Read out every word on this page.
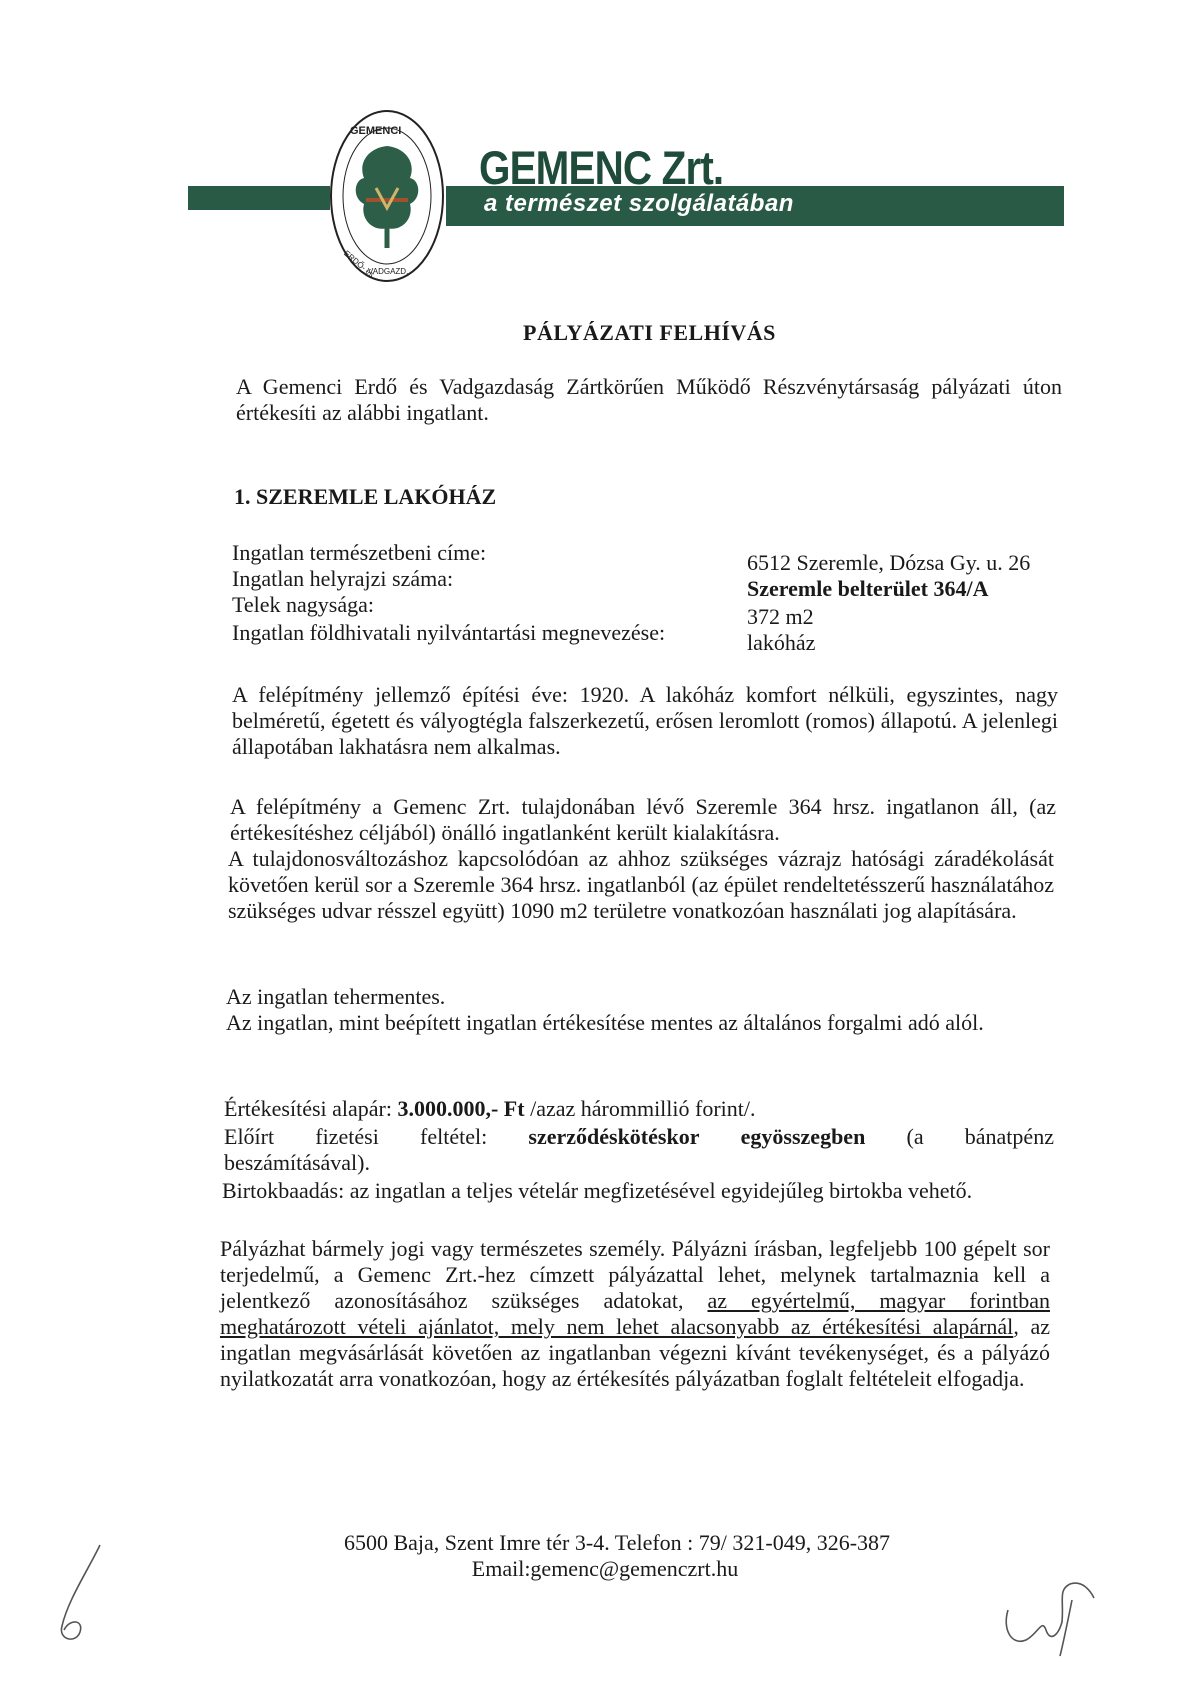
GEMENCI
ERDŐ- és
VADGAZD.
GEMENC Zrt.
a természet szolgálatában
PÁLYÁZATI FELHÍVÁS
A Gemenci Erdő és Vadgazdaság Zártkörűen Működő Részvénytársaság pályázati úton értékesíti az alábbi ingatlant.
1. SZEREMLE LAKÓHÁZ
Ingatlan természetbeni címe:	6512 Szeremle, Dózsa Gy. u. 26
Ingatlan helyrajzi száma:	Szeremle belterület 364/A
Telek nagysága:	372 m2
Ingatlan földhivatali nyilvántartási megnevezése:	lakóház
A felépítmény jellemző építési éve: 1920. A lakóház komfort nélküli, egyszintes, nagy belméretű, égetett és vályogtégla falszerkezetű, erősen leromlott (romos) állapotú. A jelenlegi állapotában lakhatásra nem alkalmas.
A felépítmény a Gemenc Zrt. tulajdonában lévő Szeremle 364 hrsz. ingatlanon áll, (az értékesítéshez céljából) önálló ingatlanként került kialakításra.
A tulajdonosváltozáshoz kapcsolódóan az ahhoz szükséges vázrajz hatósági záradékolását követően kerül sor a Szeremle 364 hrsz. ingatlanból (az épület rendeltetésszerű használatához szükséges udvar résszel együtt) 1090 m2 területre vonatkozóan használati jog alapítására.
Az ingatlan tehermentes.
Az ingatlan, mint beépített ingatlan értékesítése mentes az általános forgalmi adó alól.
Értékesítési alapár: 3.000.000,- Ft /azaz hárommillió forint/.
Előírt fizetési feltétel: szerződéskötéskor egyösszegben (a bánatpénz
beszámításával).
Birtokbaadás: az ingatlan a teljes vételár megfizetésével egyidejűleg birtokba vehető.
Pályázhat bármely jogi vagy természetes személy. Pályázni írásban, legfeljebb 100 gépelt sor terjedelmű, a Gemenc Zrt.-hez címzett pályázattal lehet, melynek tartalmaznia kell a jelentkező azonosításához szükséges adatokat, az egyértelmű, magyar forintban meghatározott vételi ajánlatot, mely nem lehet alacsonyabb az értékesítési alapárnál, az ingatlan megvásárlását követően az ingatlanban végezni kívánt tevékenységet, és a pályázó nyilatkozatát arra vonatkozóan, hogy az értékesítés pályázatban foglalt feltételeit elfogadja.
6500 Baja, Szent Imre tér 3-4. Telefon : 79/ 321-049, 326-387
Email:gemenc@gemenczrt.hu
